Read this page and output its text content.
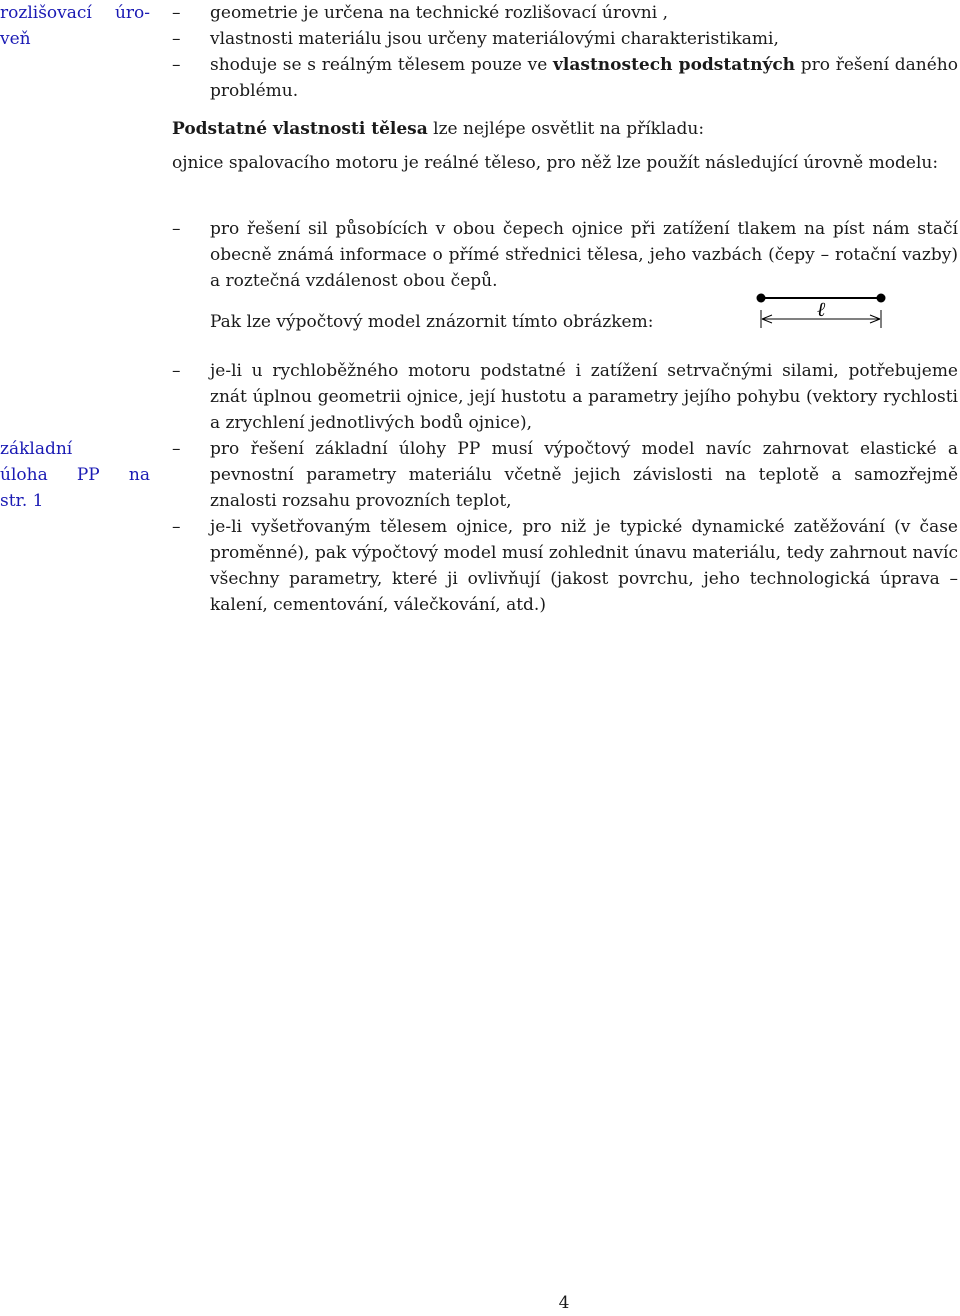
rozlišovací úro-
veň
–	geometrie je určena na technické rozlišovací úrovni ,
–	vlastnosti materiálu jsou určeny materiálovými charakteristikami,
–	shoduje se s reálným tělesem pouze ve vlastnostech podstatných pro řešení daného problému.
Podstatné vlastnosti tělesa lze nejlépe osvětlit na příkladu:
ojnice spalovacího motoru je reálné těleso, pro něž lze použít následující úrovně modelu:
–	pro řešení sil působících v obou čepech ojnice při zatížení tlakem na píst nám stačí obecně známá informace o přímé střednici tělesa, jeho vazbách (čepy – rotační vazby) a roztečná vzdálenost obou čepů.
Pak lze výpočtový model znázornit tímto obrázkem:
ℓ
základní
úloha PP na
str. 1
–	je-li u rychloběžného motoru podstatné i zatížení setrvačnými silami, potřebujeme znát úplnou geometrii ojnice, její hustotu a parametry jejího pohybu (vektory rychlosti a zrychlení jednotlivých bodů ojnice),
–	pro řešení základní úlohy PP musí výpočtový model navíc zahrnovat elastické a pevnostní parametry materiálu včetně jejich závislosti na teplotě a samozřejmě znalosti rozsahu provozních teplot,
–	je-li vyšetřovaným tělesem ojnice, pro niž je typické dynamické zatěžování (v čase proměnné), pak výpočtový model musí zohlednit únavu materiálu, tedy zahrnout navíc všechny parametry, které ji ovlivňují (jakost povrchu, jeho technologická úprava – kalení, cementování, válečkování, atd.)
4
